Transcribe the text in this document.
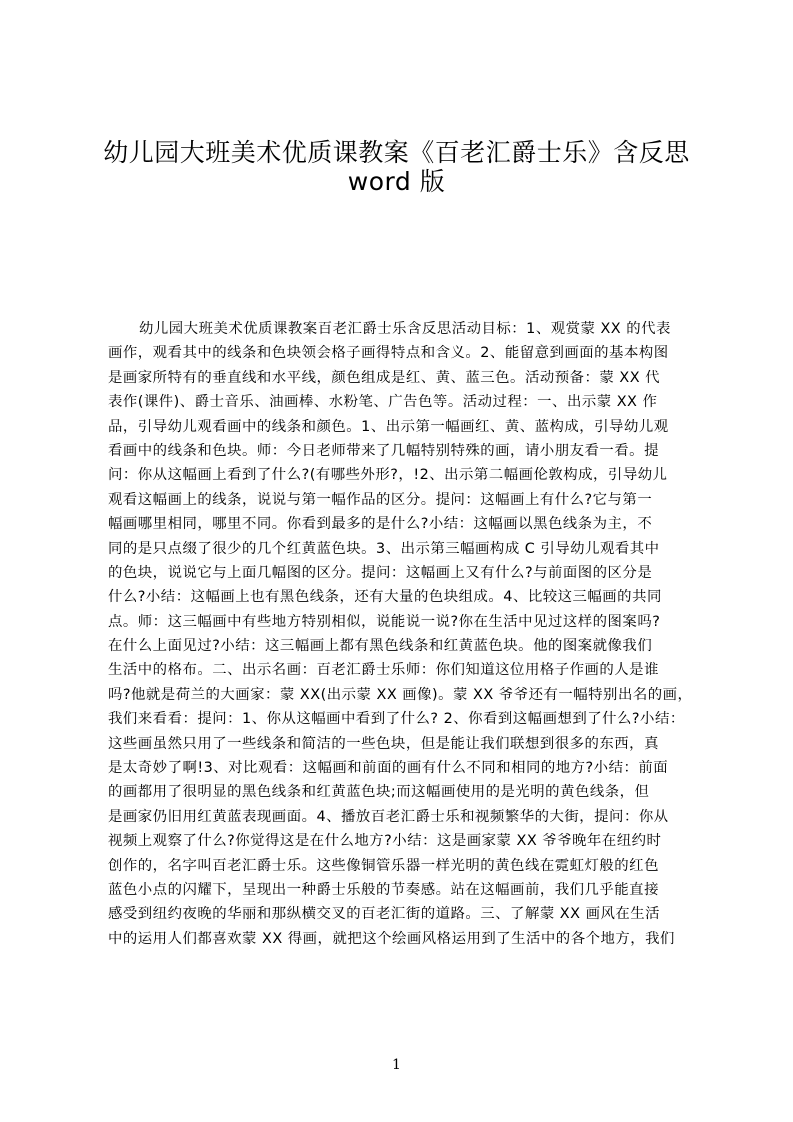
幼儿园大班美术优质课教案《百老汇爵士乐》含反思
word 版
幼儿园大班美术优质课教案百老汇爵士乐含反思活动目标：1、观赏蒙 XX 的代表
画作，观看其中的线条和色块领会格子画得特点和含义。2、能留意到画面的基本构图
是画家所特有的垂直线和水平线，颜色组成是红、黄、蓝三色。活动预备：蒙 XX 代
表作(课件)、爵士音乐、油画棒、水粉笔、广告色等。活动过程：一、出示蒙 XX 作
品，引导幼儿观看画中的线条和颜色。1、出示第一幅画红、黄、蓝构成，引导幼儿观
看画中的线条和色块。师：今日老师带来了几幅特别特殊的画，请小朋友看一看。提
问：你从这幅画上看到了什么?(有哪些外形?，!2、出示第二幅画伦敦构成，引导幼儿
观看这幅画上的线条，说说与第一幅作品的区分。提问：这幅画上有什么?它与第一
幅画哪里相同，哪里不同。你看到最多的是什么?小结：这幅画以黑色线条为主，不
同的是只点缀了很少的几个红黄蓝色块。3、出示第三幅画构成 C 引导幼儿观看其中
的色块，说说它与上面几幅图的区分。提问：这幅画上又有什么?与前面图的区分是
什么?小结：这幅画上也有黑色线条，还有大量的色块组成。4、比较这三幅画的共同
点。师：这三幅画中有些地方特别相似，说能说一说?你在生活中见过这样的图案吗?
在什么上面见过?小结：这三幅画上都有黑色线条和红黄蓝色块。他的图案就像我们
生活中的格布。二、出示名画：百老汇爵士乐师：你们知道这位用格子作画的人是谁
吗?他就是荷兰的大画家：蒙 XX(出示蒙 XX 画像)。蒙 XX 爷爷还有一幅特别出名的画，
我们来看看：提问：1、你从这幅画中看到了什么? 2、你看到这幅画想到了什么?小结：
这些画虽然只用了一些线条和简洁的一些色块，但是能让我们联想到很多的东西，真
是太奇妙了啊!3、对比观看：这幅画和前面的画有什么不同和相同的地方?小结：前面
的画都用了很明显的黑色线条和红黄蓝色块;而这幅画使用的是光明的黄色线条，但
是画家仍旧用红黄蓝表现画面。4、播放百老汇爵士乐和视频繁华的大街，提问：你从
视频上观察了什么?你觉得这是在什么地方?小结：这是画家蒙 XX 爷爷晚年在纽约时
创作的，名字叫百老汇爵士乐。这些像铜管乐器一样光明的黄色线在霓虹灯般的红色
蓝色小点的闪耀下，呈现出一种爵士乐般的节奏感。站在这幅画前，我们几乎能直接
感受到纽约夜晚的华丽和那纵横交叉的百老汇街的道路。三、了解蒙 XX 画风在生活
中的运用人们都喜欢蒙 XX 得画，就把这个绘画风格运用到了生活中的各个地方，我们
1
